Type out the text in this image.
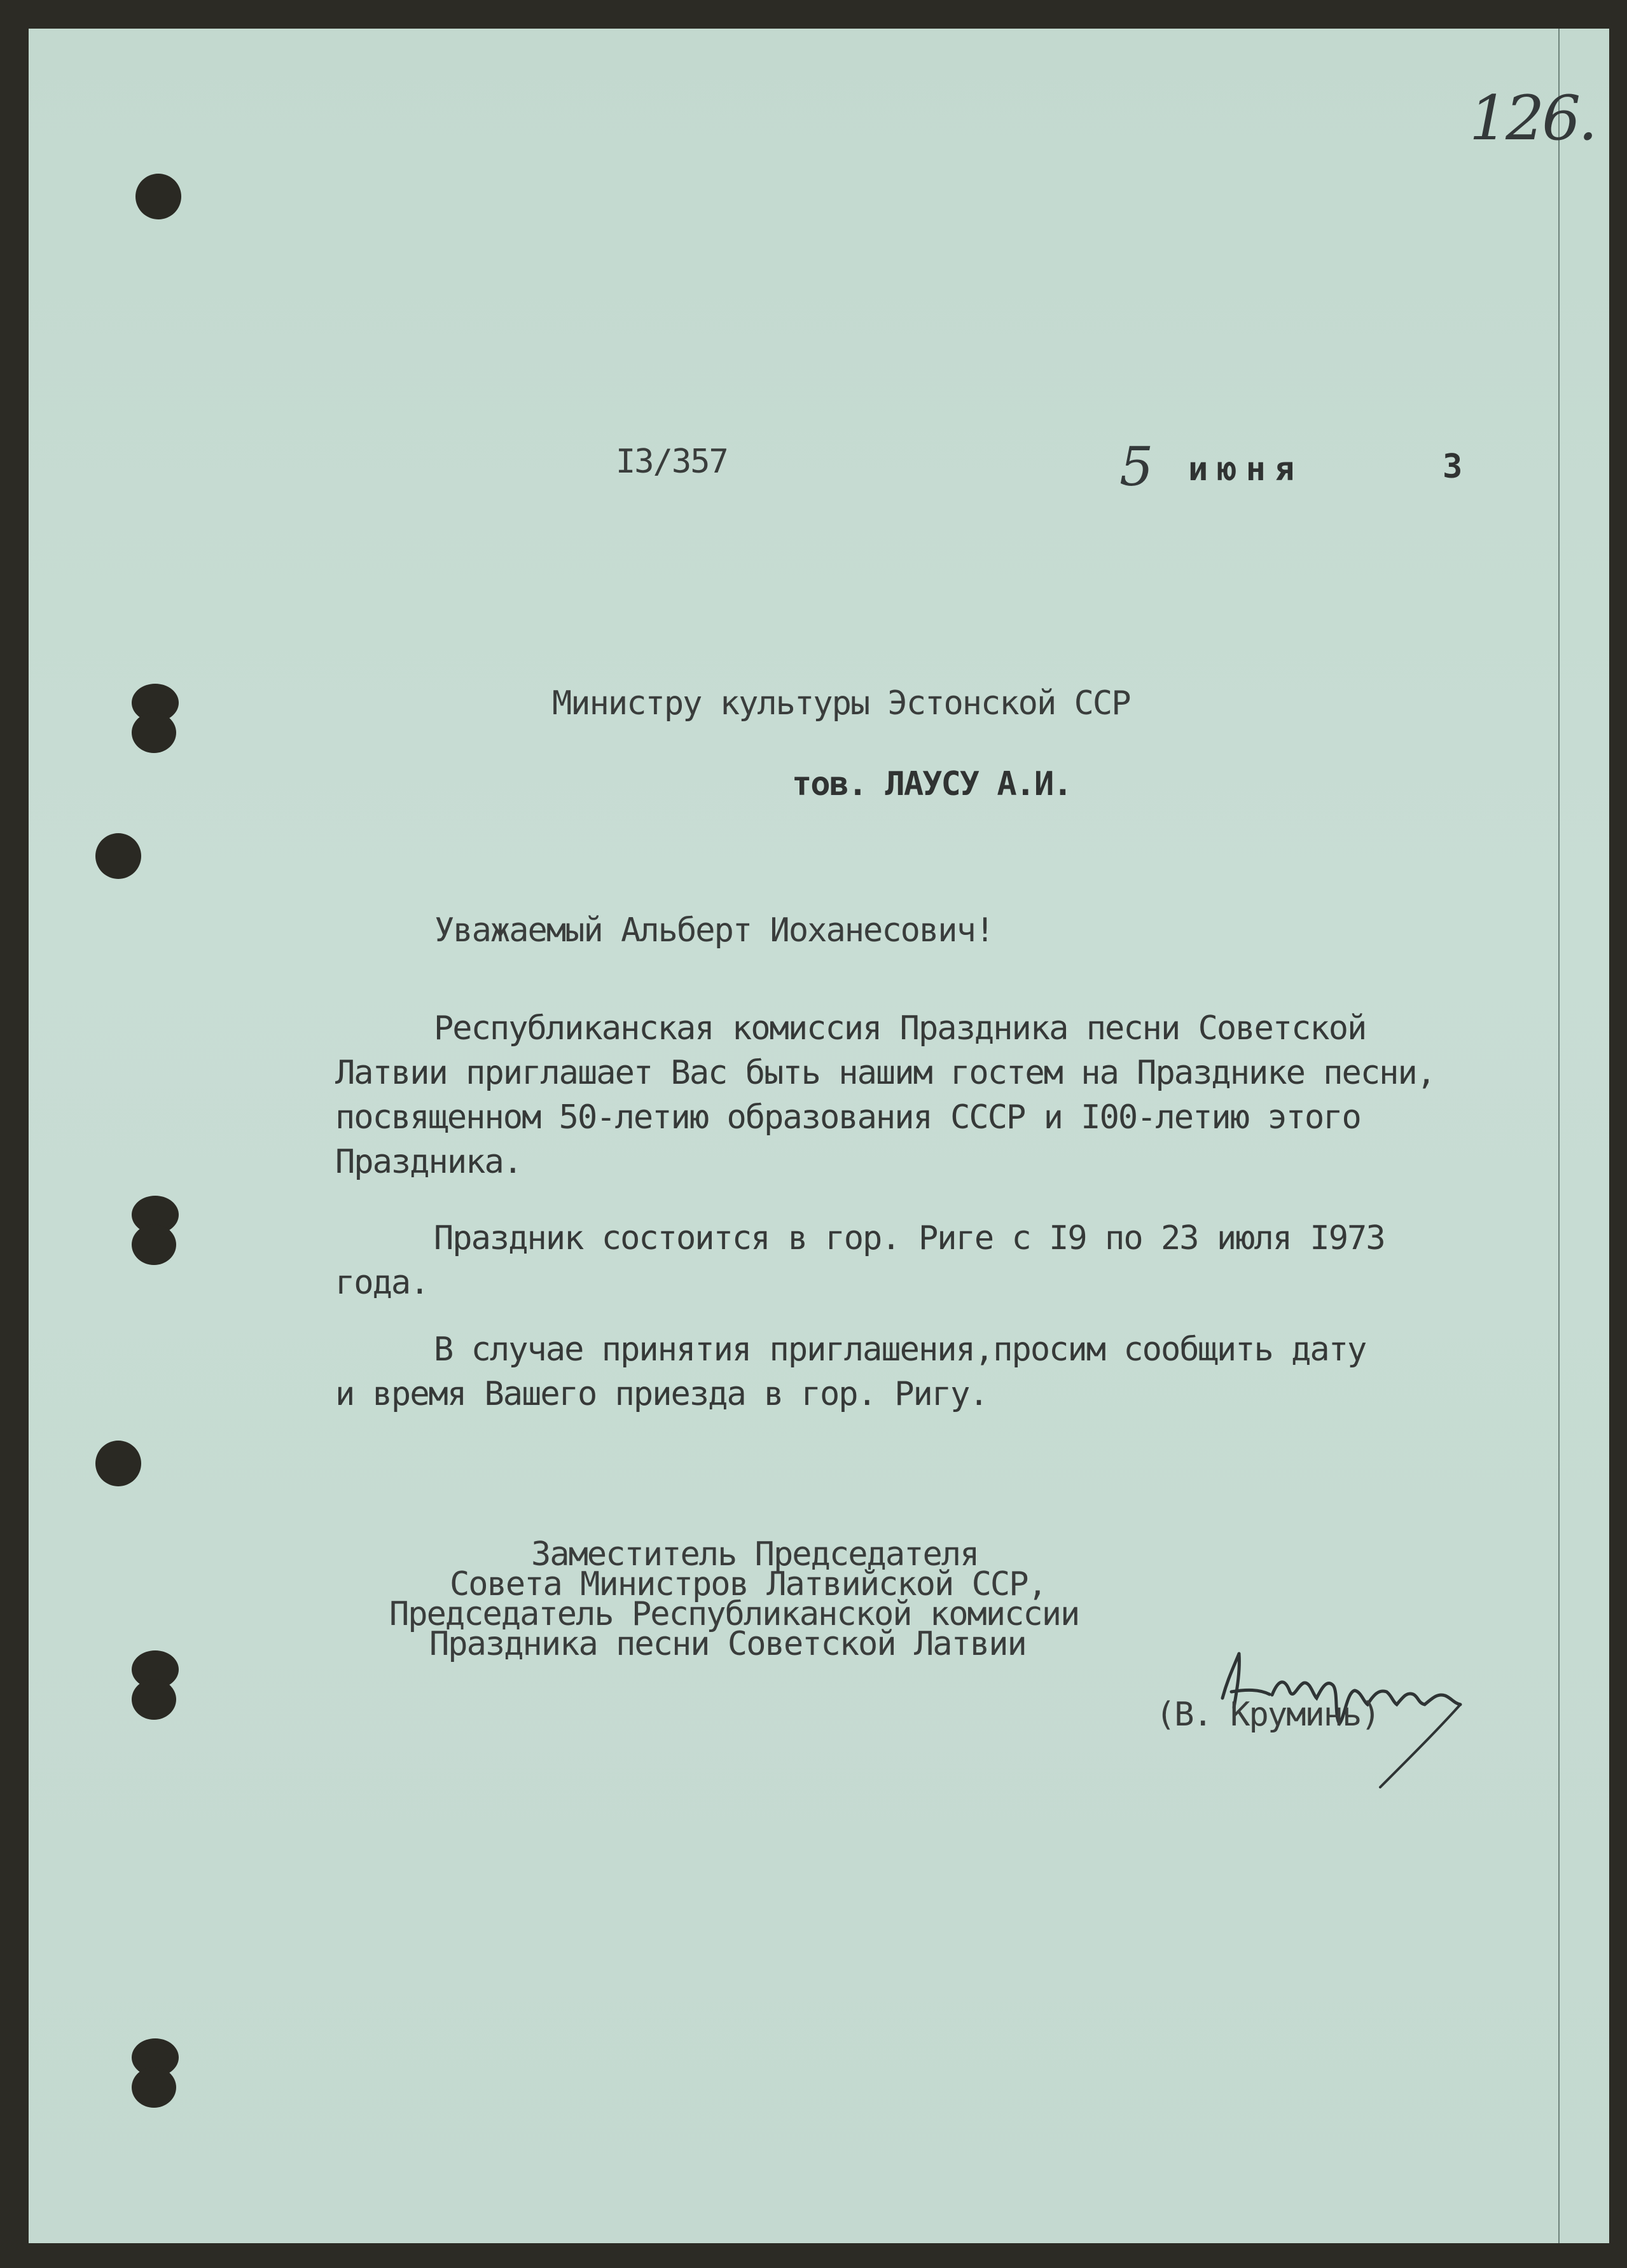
126.
I3/357	5 июня	3
Министру культуры Эстонской ССР
тов. ЛАУСУ А.И.
Уважаемый Альберт Иоханесович!
Республиканская комиссия Праздника песни Советской
Латвии приглашает Вас быть нашим гостем на Празднике песни,
посвященном 50-летию образования СССР и I00-летию этого
Праздника.
Праздник состоится в гор. Риге с I9 по 23 июля I973
года.
В случае принятия приглашения,просим сообщить дату
и время Вашего приезда в гор. Ригу.
Заместитель Председателя
Совета Министров Латвийской ССР,
Председатель Республиканской комиссии
Праздника песни Советской Латвии
(В. Круминь)
